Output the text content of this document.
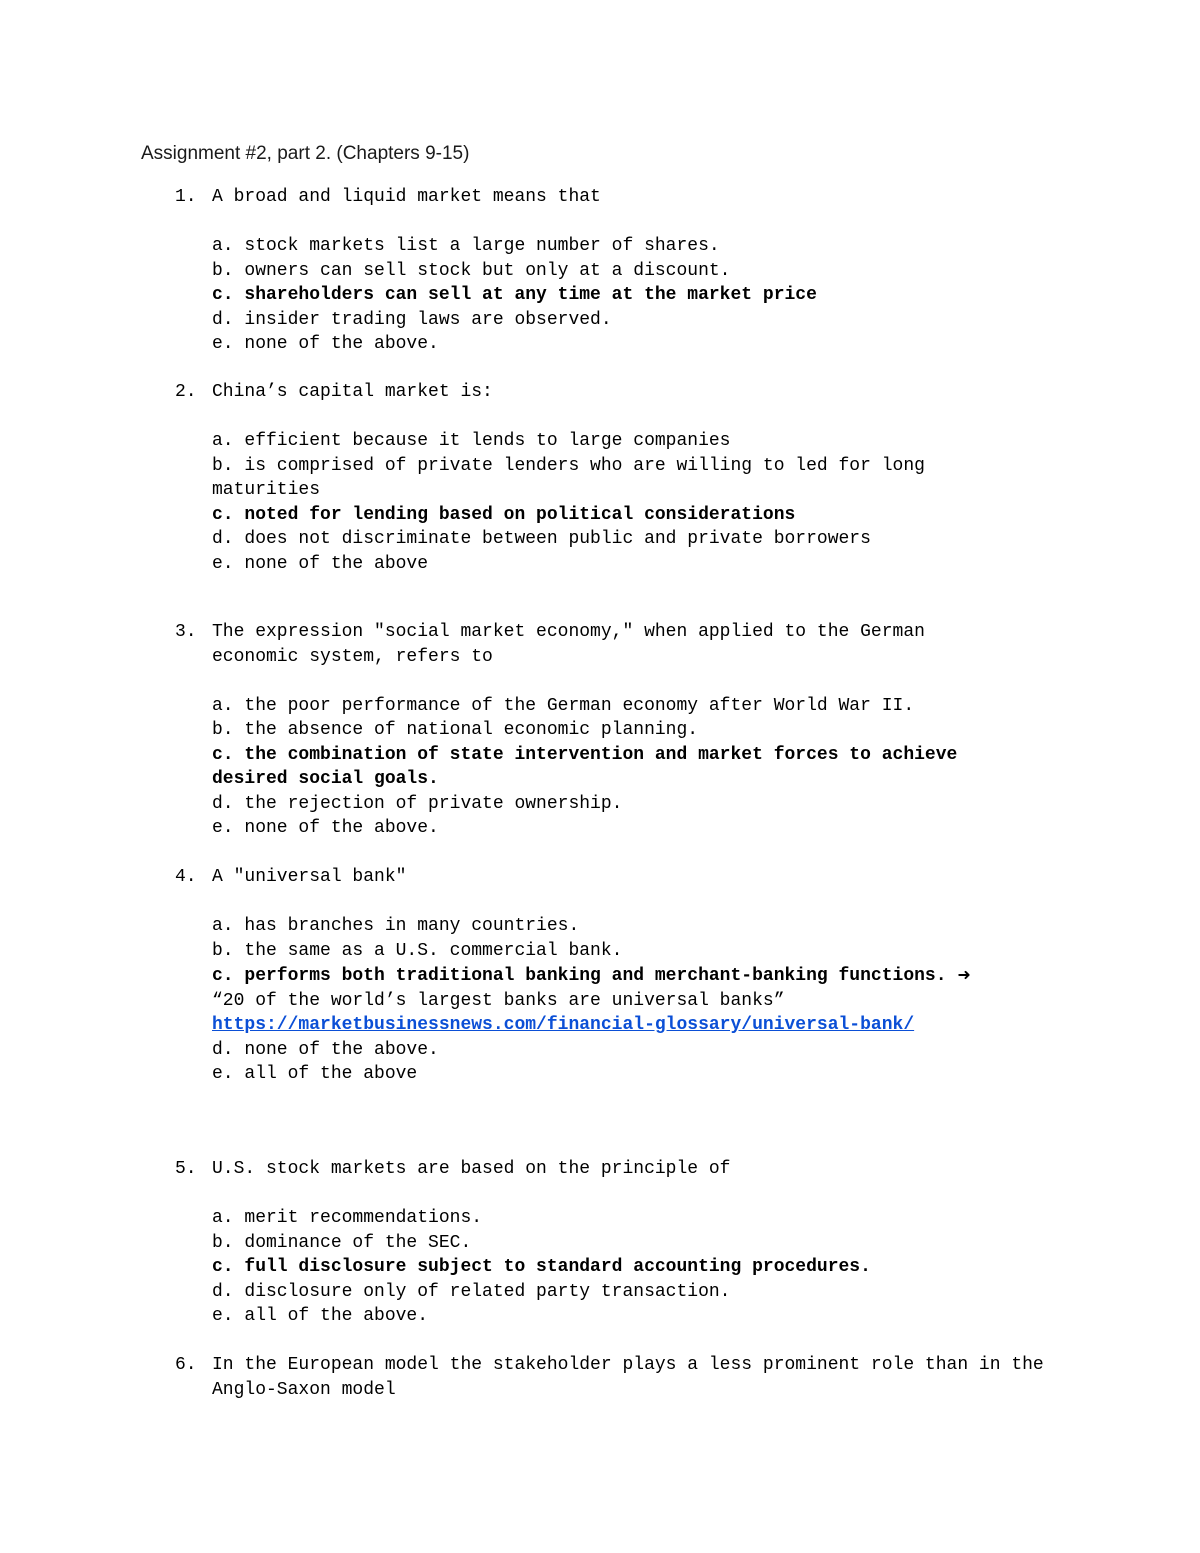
Assignment #2, part 2. (Chapters 9-15)
1. A broad and liquid market means that
a. stock markets list a large number of shares.
b. owners can sell stock but only at a discount.
c. shareholders can sell at any time at the market price
d. insider trading laws are observed.
e. none of the above.
2. China’s capital market is:
a. efficient because it lends to large companies
b. is comprised of private lenders who are willing to led for long maturities
c. noted for lending based on political considerations
d. does not discriminate between public and private borrowers
e. none of the above
3. The expression "social market economy," when applied to the German economic system, refers to
a. the poor performance of the German economy after World War II.
b. the absence of national economic planning.
c. the combination of state intervention and market forces to achieve desired social goals.
d. the rejection of private ownership.
e. none of the above.
4. A "universal bank"
a. has branches in many countries.
b. the same as a U.S. commercial bank.
c. performs both traditional banking and merchant-banking functions. ➜ “20 of the world’s largest banks are universal banks”
https://marketbusinessnews.com/financial-glossary/universal-bank/
d. none of the above.
e. all of the above
5. U.S. stock markets are based on the principle of
a. merit recommendations.
b. dominance of the SEC.
c. full disclosure subject to standard accounting procedures.
d. disclosure only of related party transaction.
e. all of the above.
6. In the European model the stakeholder plays a less prominent role than in the Anglo-Saxon model
